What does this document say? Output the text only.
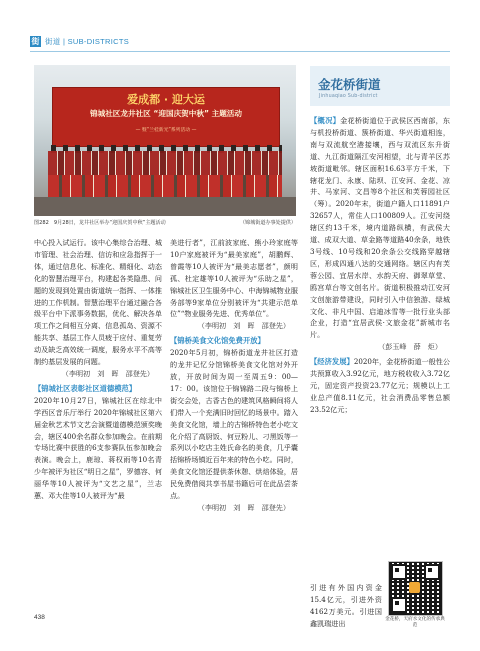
街 街道 | SUB-DISTRICTS
爱成都 · 迎大运
锦城社区龙井社区 “迎国庆贺中秋” 主题活动
— 暨“兰桂新光”系列活动 —
图282　9月28日，龙井社区举办“迎国庆贺中秋”主题活动	（锦城街道办事处提供）

中心投入试运行。该中心集综合治理、城市管理、社会治理、信访和应急指挥于一体，通过信息化、标准化、精细化、动态化的智慧治理平台，构建起各类隐患、问题的发现到处置由街道统一指挥、一体推进的工作机制。智慧治理平台通过融合各级平台中下派事务数据，优化、解决各单项工作之间相互分离、信息孤岛、资源不能共享、基层工作人员疲于应付、重复劳动及缺乏高效统一调度，服务水平不高等制约基层发展的问题。

（李明初　刘　晖　邵登先）

【锦城社区表彰社区道德模范】

2020年10月27日，锦城社区在综北中学西区音乐厅举行 2020年锦城社区第六届金秋艺术节文艺会演暨道德模范颁奖晚会，辖区400余名群众参加晚会。在前期专场比赛中获胜的6支参赛队伍参加晚会表演。晚会上，鹿琼、蒋权雨等10名青少年被评为社区“明日之星”，罗德容、何丽华等10人被评为“文艺之星”，兰志蕙、邓大佳等10人被评为“最

美进行者”，江前波家庭、熊小玲家庭等10户家庭被评为“最美家庭”，胡鹏辉、曾霞等10人被评为“最美志愿者”，颜明孤、杜定雄等10人被评为“乐助之星”，锦城社区卫生服务中心、中海锦城物业服务部等9家单位分别被评为“共建示范单位”“物业服务先进、优秀单位”。

（李明初　刘　晖　邵登先）

【锦桥美食文化馆免费开放】

2020年5月初，锦桥街道龙井社区打造的龙井记忆分馆锦桥美食文化馆对外开放，开放时间为周一至周五9：00—17：00。该馆位于锦锦路二段与锦桥上街交会处，古香古色的建筑风格瞬间将人们带入一个充满旧时回忆的场景中。踏入美食文化馆，墙上的古锦桥特色老小吃文化介绍了高厨饭、何豆粉儿、刁黑饭等一系列以小吃店主姓氏命名的美食，几乎囊括锦桥场镇近百年来的特色小吃。同时，美食文化馆还提供茶休憩、烘焙体验，居民免费借阅共享书屋书籍后可在此品尝茶点。

（李明初　刘　晖　邵登先）

金花桥街道
Jinhuaqiao Sub-district

【概况】金花桥街道位于武侯区西南部，东与机投桥街道、簇桥街道、华兴街道相连，南与双流航空港接壤，西与双流区东升街道、九江街道隔江安河相望，北与青羊区苏坡街道毗邻。辖区面积16.63平方千米，下辖花龙门、永康、陆坝、江安河、金花、凉井、马家河、文昌等8个社区和芙蓉园社区（筹）。2020年末，街道户籍人口11891户32657人，常住人口100809人。江安河绕辖区约13千米，境内道路纵横，有武侯大道、成双大道、草金路等道路40余条，地铁3号线、10号线和20余条公交线路穿越辖区，形成四通八达的交通网络。辖区内有芙蓉公园、宜居水岸、水韵天府、御翠草堂、鸥宫草台等文创名片。街道积极推动江安河文创旅游带建设，同时引入中信独游、绿城文化、非凡中国、启迪冰雪等一批行业头部企业，打造“宜居武侯·文旅金花”新城市名片。

（彭玉峰　薛　炬）

【经济发展】2020年，金花桥街道一般性公共预算收入3.92亿元，地方税收收入3.72亿元，固定资产投资23.77亿元；规模以上工业总产值8.11亿元，社会消费品零售总额23.52亿元；

引进有外国内资金15.4亿元，引进外资4162万美元。引进国鑫凯瑞进出	金花桥，天府水文化的传承典范
438
